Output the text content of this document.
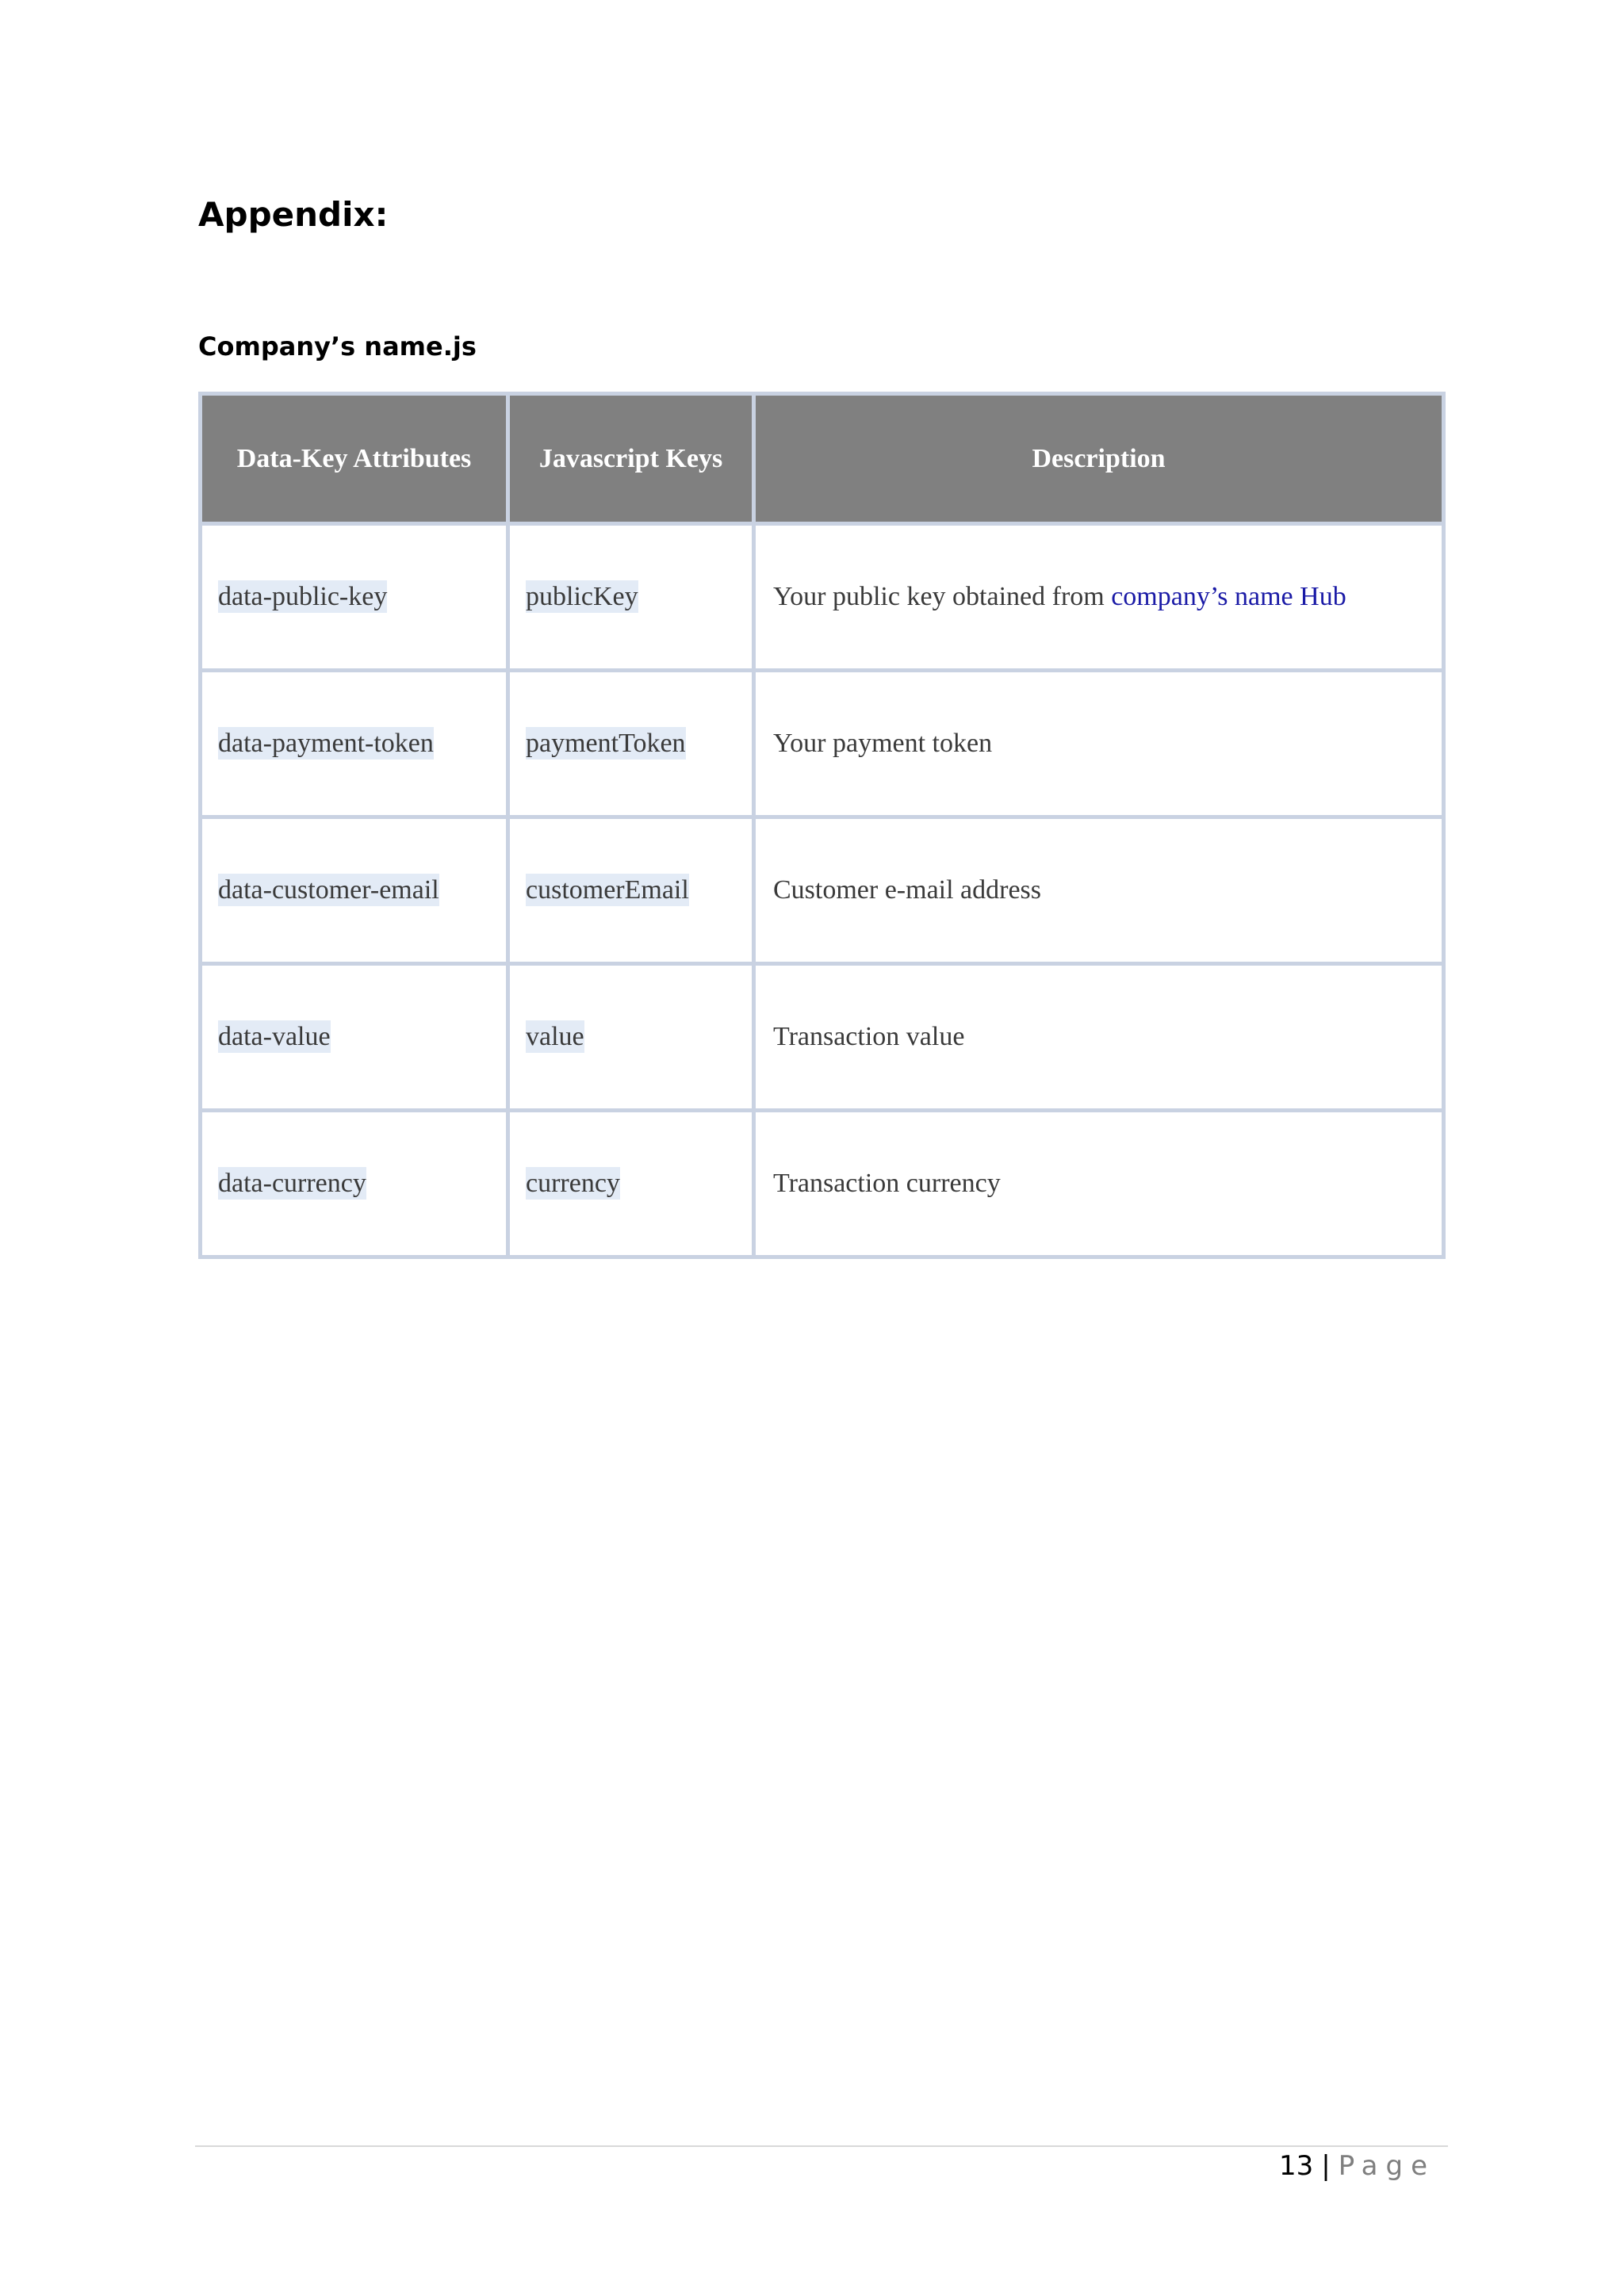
Appendix:
Company’s name.js
Data-Key Attributes	Javascript Keys	Description
data-public-key	publicKey	Your public key obtained from company’s name Hub
data-payment-token	paymentToken	Your payment token
data-customer-email	customerEmail	Customer e-mail address
data-value	value	Transaction value
data-currency	currency	Transaction currency
13 | Page
